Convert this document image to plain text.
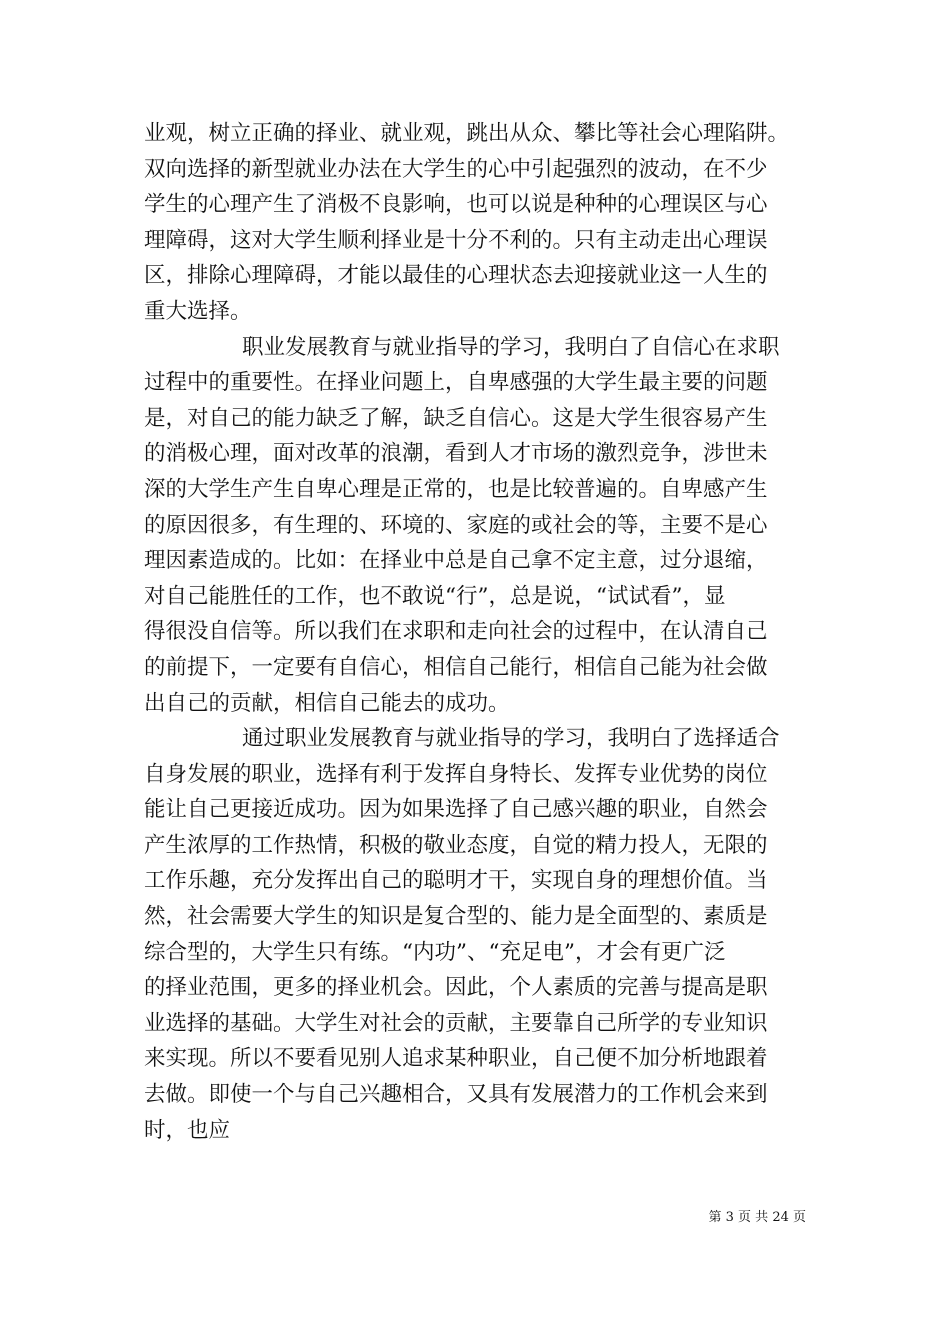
业观，树立正确的择业、就业观，跳出从众、攀比等社会心理陷阱。
双向选择的新型就业办法在大学生的心中引起强烈的波动，在不少
学生的心理产生了消极不良影响，也可以说是种种的心理误区与心
理障碍，这对大学生顺利择业是十分不利的。只有主动走出心理误
区，排除心理障碍，才能以最佳的心理状态去迎接就业这一人生的
重大选择。
职业发展教育与就业指导的学习，我明白了自信心在求职
过程中的重要性。在择业问题上，自卑感强的大学生最主要的问题
是，对自己的能力缺乏了解，缺乏自信心。这是大学生很容易产生
的消极心理，面对改革的浪潮，看到人才市场的激烈竞争，涉世未
深的大学生产生自卑心理是正常的，也是比较普遍的。自卑感产生
的原因很多，有生理的、环境的、家庭的或社会的等，主要不是心
理因素造成的。比如：在择业中总是自己拿不定主意，过分退缩，
对自己能胜任的工作，也不敢说“行”，总是说，“试试看”，显
得很没自信等。所以我们在求职和走向社会的过程中，在认清自己
的前提下，一定要有自信心，相信自己能行，相信自己能为社会做
出自己的贡献，相信自己能去的成功。
通过职业发展教育与就业指导的学习，我明白了选择适合
自身发展的职业，选择有利于发挥自身特长、发挥专业优势的岗位
能让自己更接近成功。因为如果选择了自己感兴趣的职业，自然会
产生浓厚的工作热情，积极的敬业态度，自觉的精力投人，无限的
工作乐趣，充分发挥出自己的聪明才干，实现自身的理想价值。当
然，社会需要大学生的知识是复合型的、能力是全面型的、素质是
综合型的，大学生只有练。“内功”、“充足电”，才会有更广泛
的择业范围，更多的择业机会。因此，个人素质的完善与提高是职
业选择的基础。大学生对社会的贡献，主要靠自己所学的专业知识
来实现。所以不要看见别人追求某种职业，自己便不加分析地跟着
去做。即使一个与自己兴趣相合，又具有发展潜力的工作机会来到
时，也应
第 3 页 共 24 页
